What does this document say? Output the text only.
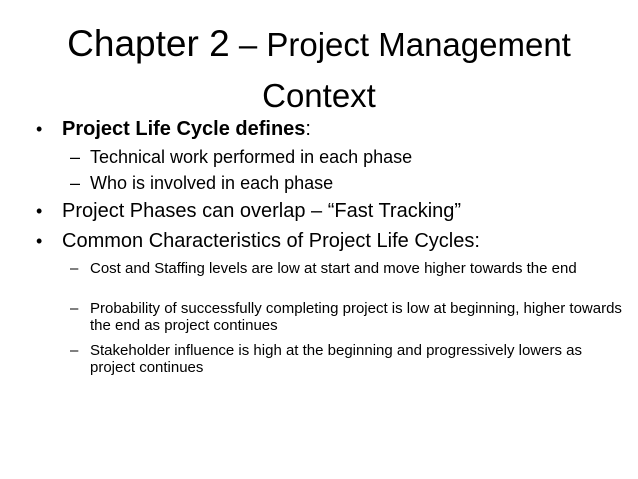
Chapter 2 – Project Management
Context
• Project Life Cycle defines:
– Technical work performed in each phase
– Who is involved in each phase
• Project Phases can overlap – “Fast Tracking”
• Common Characteristics of Project Life Cycles:
– Cost and Staffing levels are low at start and move higher towards the end
– Probability of successfully completing project is low at beginning, higher towards the end as project continues
– Stakeholder influence is high at the beginning and progressively lowers as project continues
